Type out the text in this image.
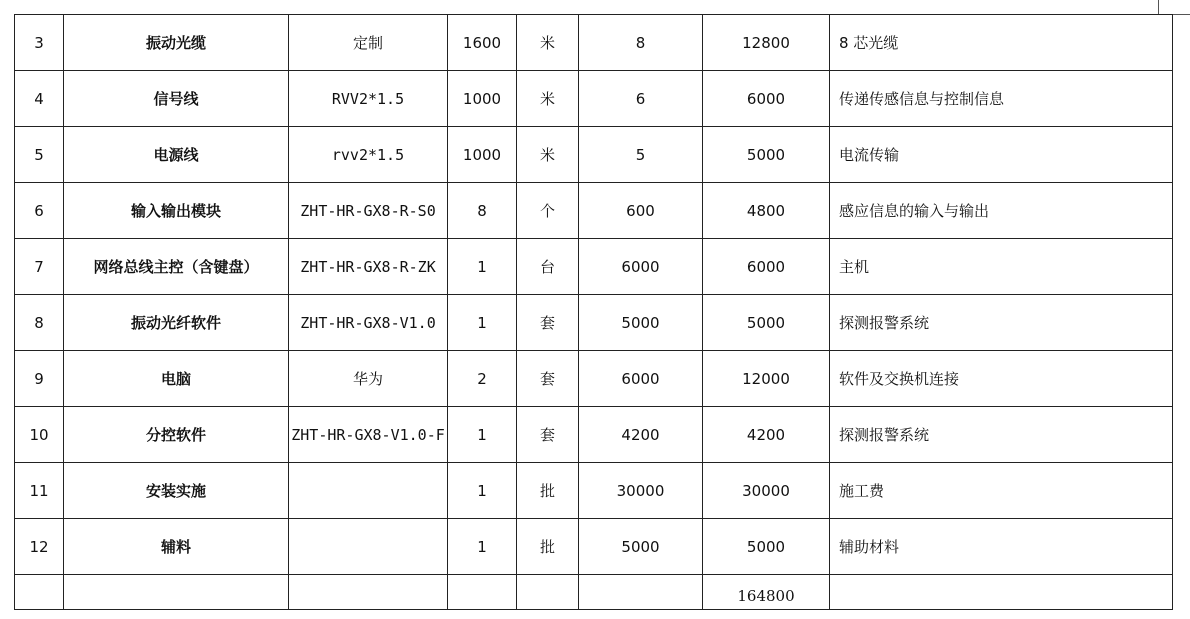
3	振动光缆	定制	1600	米	8	12800	8 芯光缆
4	信号线	RVV2*1.5	1000	米	6	6000	传递传感信息与控制信息
5	电源线	rvv2*1.5	1000	米	5	5000	电流传输
6	输入输出模块	ZHT-HR-GX8-R-S0	8	个	600	4800	感应信息的输入与输出
7	网络总线主控（含键盘）	ZHT-HR-GX8-R-ZK	1	台	6000	6000	主机
8	振动光纤软件	ZHT-HR-GX8-V1.0	1	套	5000	5000	探测报警系统
9	电脑	华为	2	套	6000	12000	软件及交换机连接
10	分控软件	ZHT-HR-GX8-V1.0-F	1	套	4200	4200	探测报警系统
11	安装实施		1	批	30000	30000	施工费
12	辅料		1	批	5000	5000	辅助材料
						164800	
